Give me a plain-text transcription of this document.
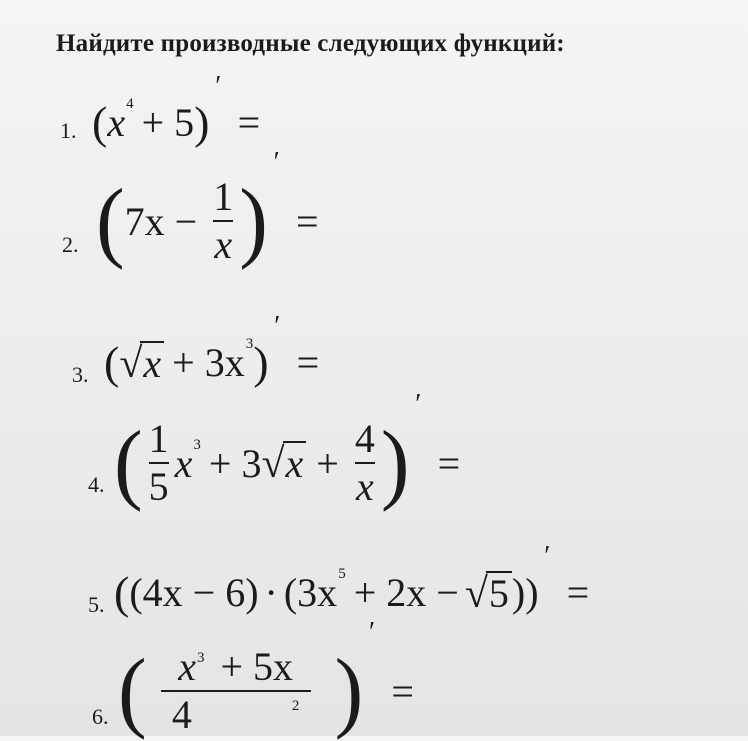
Найдите производные следующих функций:
1. ( x 4 + 5 )
′
=
2. ( $7x - \frac{1}{x}$ )
′
=
3. ( √ x + 3x 3 )
′
=
4. ( $\frac{1}{5}$ x 3 + 3 √ $x + \frac{4}{x}$ )
′
=
5. ( (4x − 6) · (3x 5 + 2x − √ 5 ))
′
=
6. ( $x^3 + 5x$
4	$^2$ )
′
=
